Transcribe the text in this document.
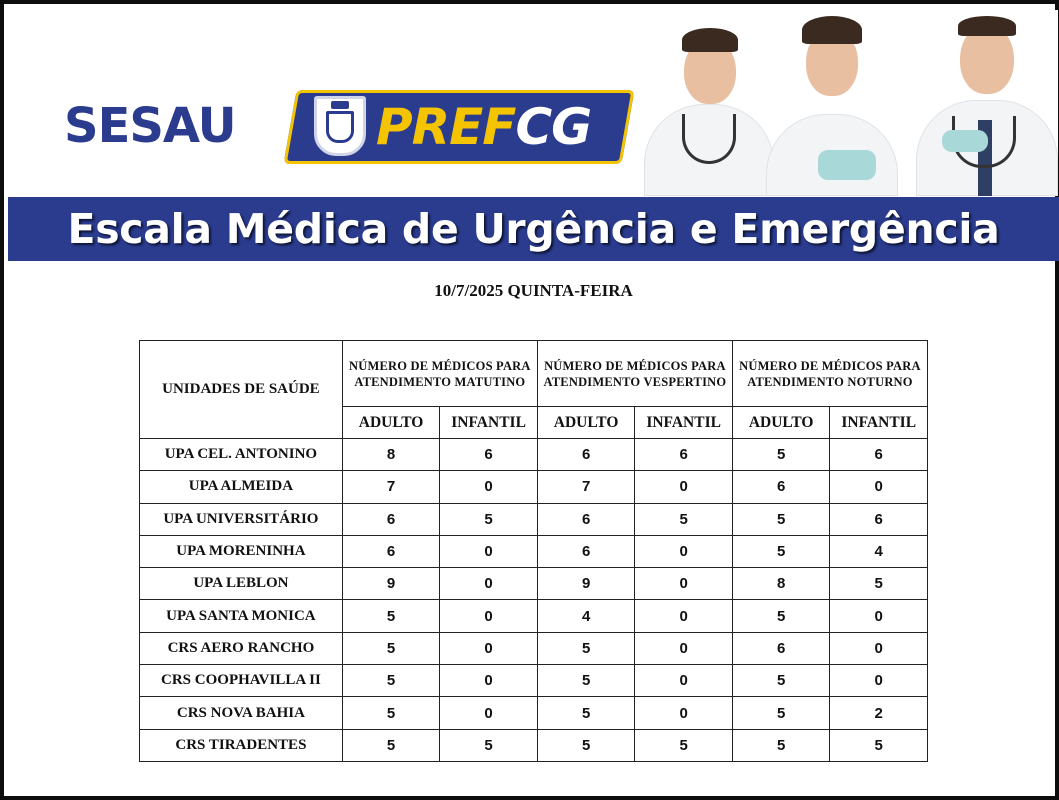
SESAU	PREFCG
Escala Médica de Urgência e Emergência
10/7/2025 QUINTA-FEIRA
UNIDADES DE SAÚDE	NÚMERO DE MÉDICOS PARA ATENDIMENTO MATUTINO		NÚMERO DE MÉDICOS PARA ATENDIMENTO VESPERTINO		NÚMERO DE MÉDICOS PARA ATENDIMENTO NOTURNO	
	ADULTO	INFANTIL	ADULTO	INFANTIL	ADULTO	INFANTIL
UPA CEL. ANTONINO	8	6	6	6	5	6
UPA ALMEIDA	7	0	7	0	6	0
UPA UNIVERSITÁRIO	6	5	6	5	5	6
UPA MORENINHA	6	0	6	0	5	4
UPA LEBLON	9	0	9	0	8	5
UPA SANTA MONICA	5	0	4	0	5	0
CRS AERO RANCHO	5	0	5	0	6	0
CRS COOPHAVILLA II	5	0	5	0	5	0
CRS NOVA BAHIA	5	0	5	0	5	2
CRS TIRADENTES	5	5	5	5	5	5
